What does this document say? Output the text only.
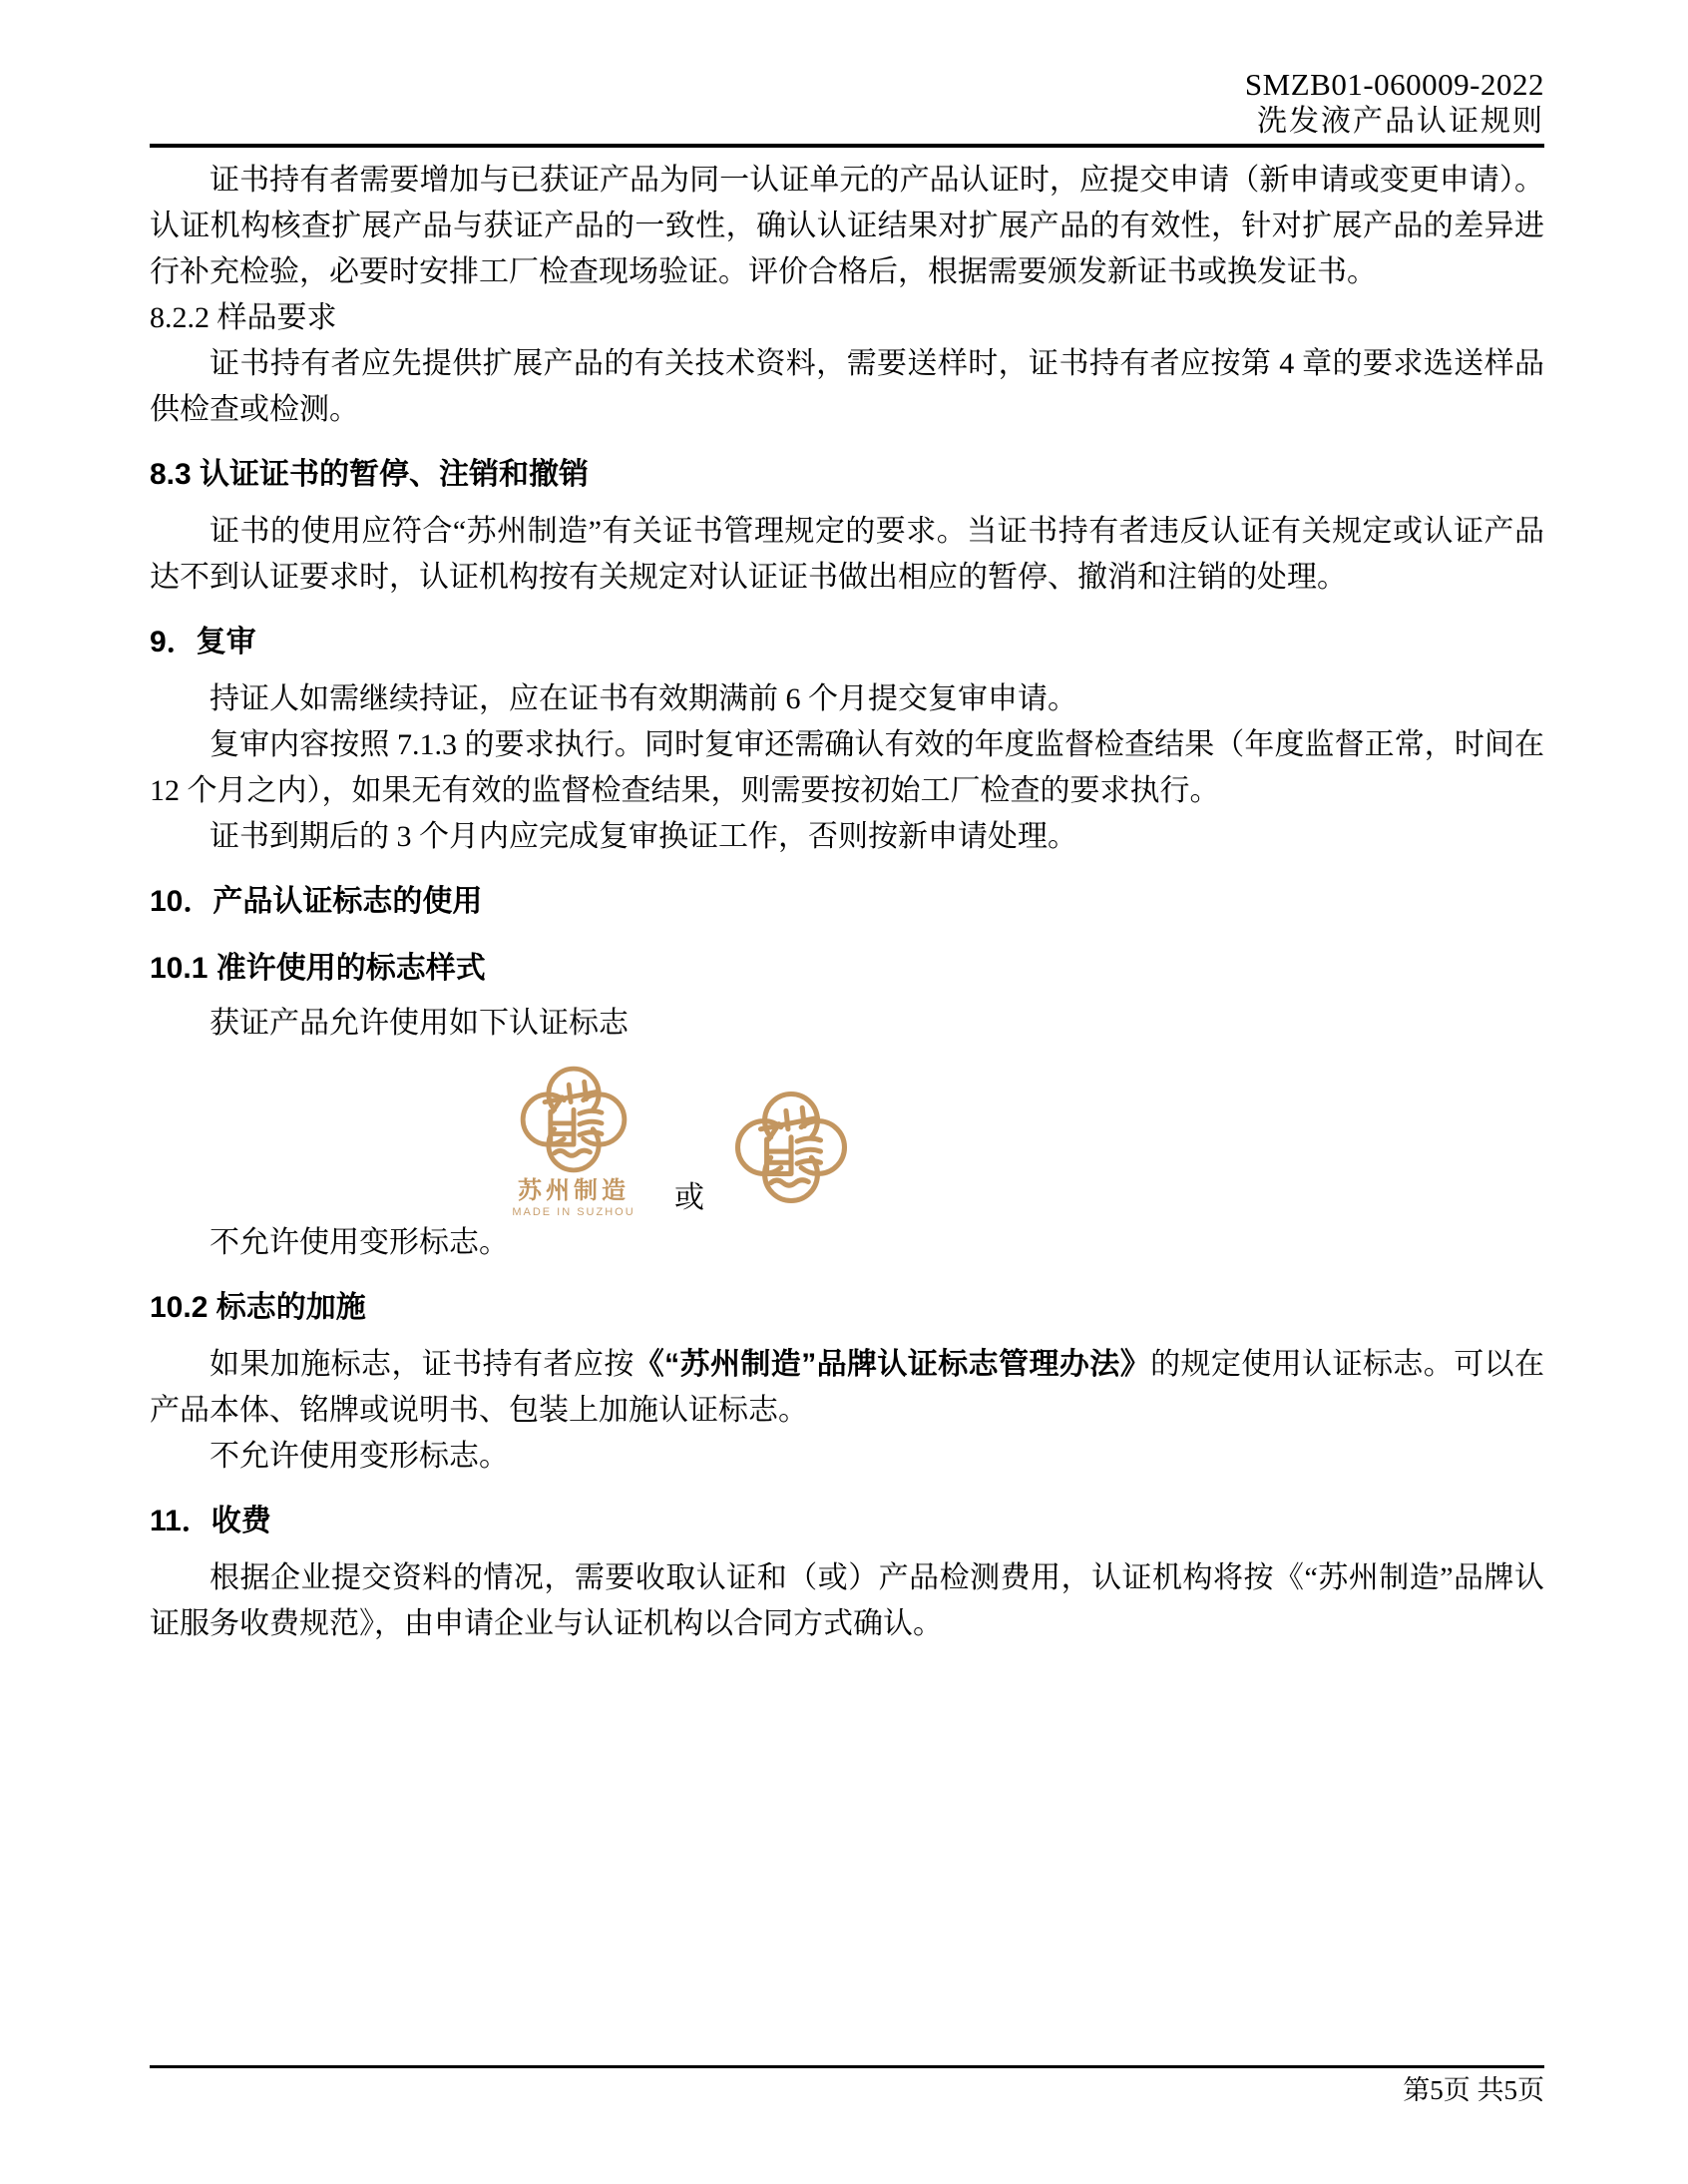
SMZB01-060009-2022
洗发液产品认证规则

证书持有者需要增加与已获证产品为同一认证单元的产品认证时，应提交申请（新申请或变更申请）。认证机构核查扩展产品与获证产品的一致性，确认认证结果对扩展产品的有效性，针对扩展产品的差异进行补充检验，必要时安排工厂检查现场验证。评价合格后，根据需要颁发新证书或换发证书。

8.2.2 样品要求

证书持有者应先提供扩展产品的有关技术资料，需要送样时，证书持有者应按第 4 章的要求选送样品供检查或检测。

8.3 认证证书的暂停、注销和撤销

证书的使用应符合“苏州制造”有关证书管理规定的要求。当证书持有者违反认证有关规定或认证产品达不到认证要求时，认证机构按有关规定对认证证书做出相应的暂停、撤消和注销的处理。

9．复审

持证人如需继续持证，应在证书有效期满前 6 个月提交复审申请。

复审内容按照 7.1.3 的要求执行。同时复审还需确认有效的年度监督检查结果（年度监督正常，时间在 12 个月之内），如果无有效的监督检查结果，则需要按初始工厂检查的要求执行。

证书到期后的 3 个月内应完成复审换证工作，否则按新申请处理。

10．产品认证标志的使用
10.1 准许使用的标志样式

获证产品允许使用如下认证标志

苏州制造
MADE IN SUZHOU	或

不允许使用变形标志。

10.2 标志的加施

如果加施标志，证书持有者应按《“苏州制造”品牌认证标志管理办法》的规定使用认证标志。可以在产品本体、铭牌或说明书、包装上加施认证标志。

不允许使用变形标志。

11．收费

根据企业提交资料的情况，需要收取认证和（或）产品检测费用，认证机构将按《“苏州制造”品牌认证服务收费规范》，由申请企业与认证机构以合同方式确认。

第5页 共5页
